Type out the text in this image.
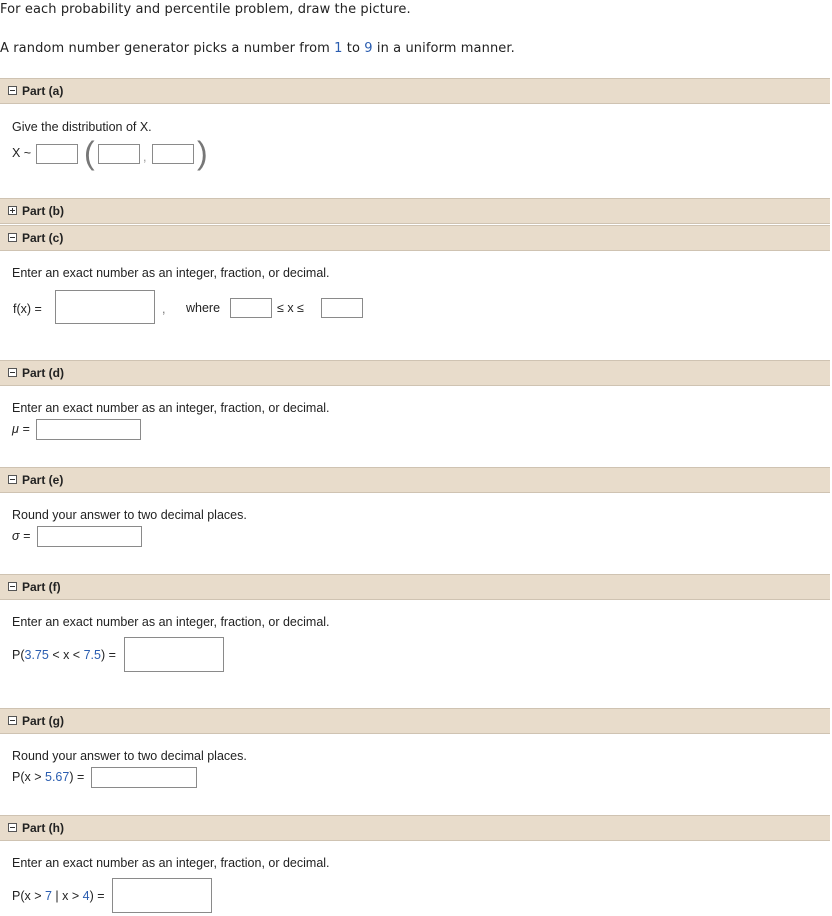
For each probability and percentile problem, draw the picture.
A random number generator picks a number from 1 to 9 in a uniform manner.
Part (a)
Give the distribution of X.
X ~ (	, )
Part (b)
Part (c)
Enter an exact number as an integer, fraction, or decimal.
f(x) =	, where	≤ x ≤
Part (d)
Enter an exact number as an integer, fraction, or decimal.
μ =
Part (e)
Round your answer to two decimal places.
σ =
Part (f)
Enter an exact number as an integer, fraction, or decimal.
P(3.75 < x < 7.5) =
Part (g)
Round your answer to two decimal places.
P(x > 5.67) =
Part (h)
Enter an exact number as an integer, fraction, or decimal.
P(x > 7 | x > 4) =
